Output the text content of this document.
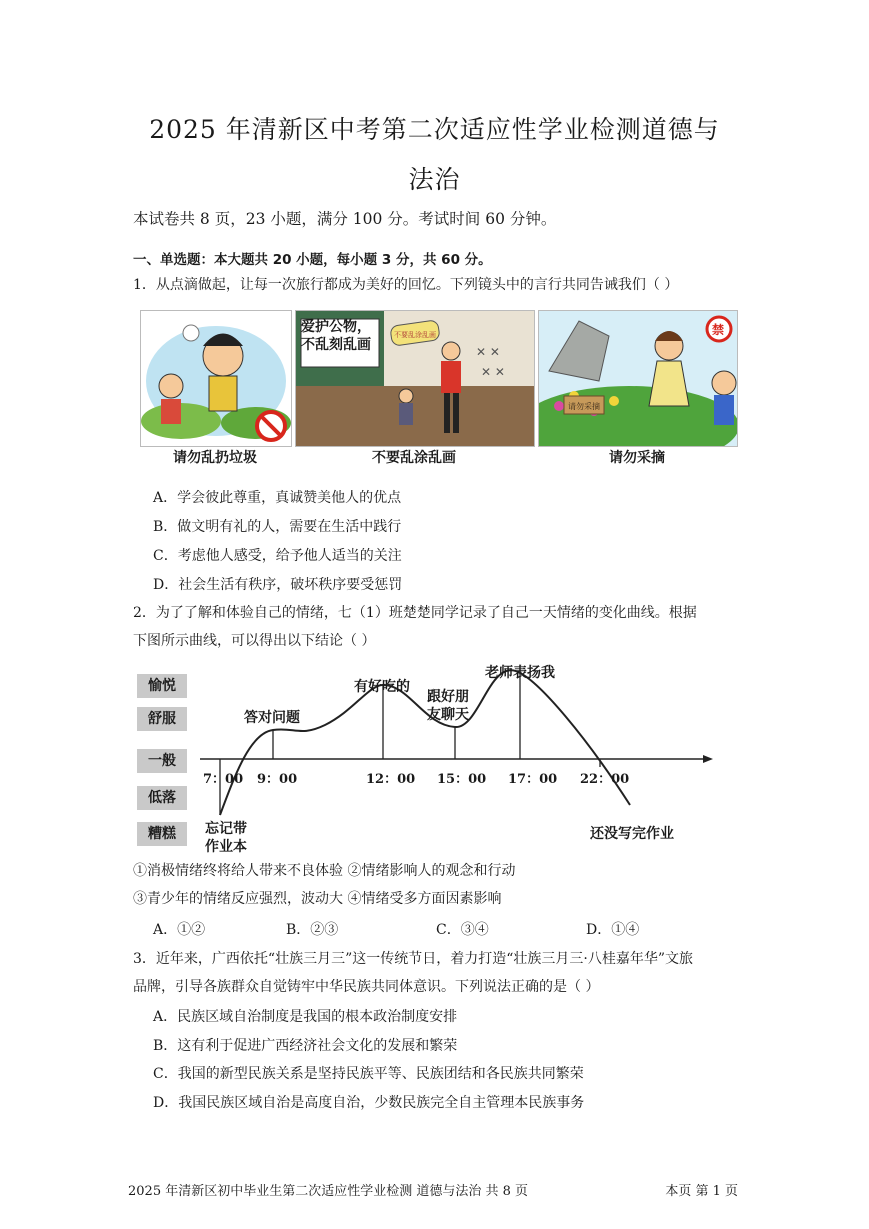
2025 年清新区中考第二次适应性学业检测道德与
法治
本试卷共 8 页，23 小题，满分 100 分。考试时间 60 分钟。
一、单选题：本大题共 20 小题，每小题 3 分，共 60 分。
1．从点滴做起，让每一次旅行都成为美好的回忆。下列镜头中的言行共同告诫我们（ ）
请勿乱扔垃圾
不要乱涂乱画
✕ ✕
✕ ✕
爱护公物，
不乱刻乱画
不要乱涂乱画
请勿采摘
禁
请勿采摘
A．学会彼此尊重，真诚赞美他人的优点
B．做文明有礼的人，需要在生活中践行
C．考虑他人感受，给予他人适当的关注
D．社会生活有秩序，破坏秩序要受惩罚
2．为了了解和体验自己的情绪，七（1）班楚楚同学记录了自己一天情绪的变化曲线。根据
下图所示曲线，可以得出以下结论（ ）
愉悦
舒服
一般
低落
糟糕
7：00 9：00	12：00 15：00 17：00 22：00
答对问题
有好吃的
跟好朋
友聊天
老师表扬我
忘记带
作业本
还没写完作业
①消极情绪终将给人带来不良体验 ②情绪影响人的观念和行动
③青少年的情绪反应强烈，波动大 ④情绪受多方面因素影响
A．①②	B．②③	C．③④	D．①④
3．近年来，广西依托“壮族三月三”这一传统节日，着力打造“壮族三月三·八桂嘉年华”文旅
品牌，引导各族群众自觉铸牢中华民族共同体意识。下列说法正确的是（ ）
A．民族区域自治制度是我国的根本政治制度安排
B．这有利于促进广西经济社会文化的发展和繁荣
C．我国的新型民族关系是坚持民族平等、民族团结和各民族共同繁荣
D．我国民族区域自治是高度自治，少数民族完全自主管理本民族事务
2025 年清新区初中毕业生第二次适应性学业检测 道德与法治 共 8 页	本页 第 1 页
